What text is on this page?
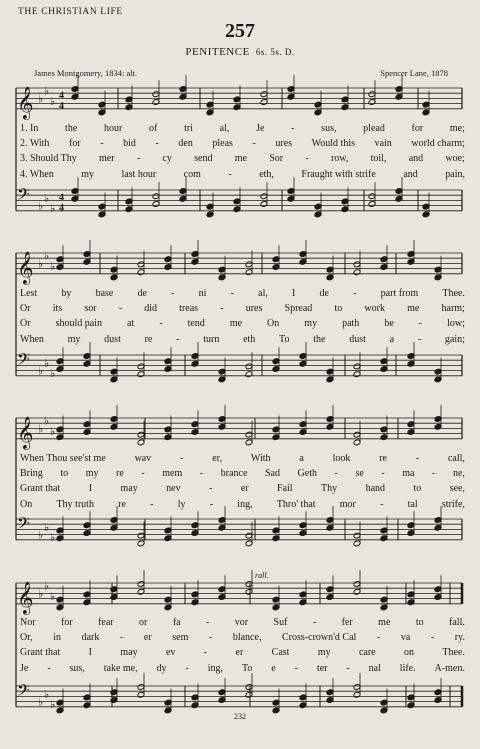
THE CHRISTIAN LIFE
257
PENITENCE 6s. 5s. D.
James Montgomery, 1834: alt.	Spencer Lane, 1878
𝄞 ♭
♭
♭ 4
4
𝄢 ♭
♭
♭
4
4
𝄞 ♭
♭
♭
𝄢 ♭
♭
♭
𝄞 ♭
♭
♭
𝄢 ♭
♭
♭
𝄞 ♭
♭
♭
𝄢 ♭
♭
♭
1. In	the	hour	of	tri	al,	Je	-	sus,	plead	for	me;
2. With for - bid - den pleas - ures Would this vain world charm;
3. Should Thy mer - cy send me Sor - row, toil, and woe;
4. When	my	last hour	com	-	eth,	Fraught with strife	and	pain,
Lest by base de - ni - al, I de - part from Thee.
Or its sor - did treas - ures Spread to work me harm;
Or	should pain	at	-	tend	me	On	my	path	be	-	low;
When my dust re - turn eth To the dust a - gain;
When Thou see'st me	wav	-	er,	With	a	look	re	-	call,
Bring to my re - mem - brance Sad Geth - se - ma - ne,
Grant that	I	may	nev	-	er	Fail	Thy	hand	to	see,
On Thy truth re - ly - ing, Thro' that mor - tal strife,
Nor	for	fear	or	fa	-	vor	Suf	-	fer	me	to	fall.
Or, in dark - er sem - blance, Cross-crown'd Cal - va - ry.
Grant that	I	may	ev	-	er	Cast	my	care	on	Thee.
Je - sus, take me, dy - ing, To e - ter - nal life. A-men.
rall.
232
